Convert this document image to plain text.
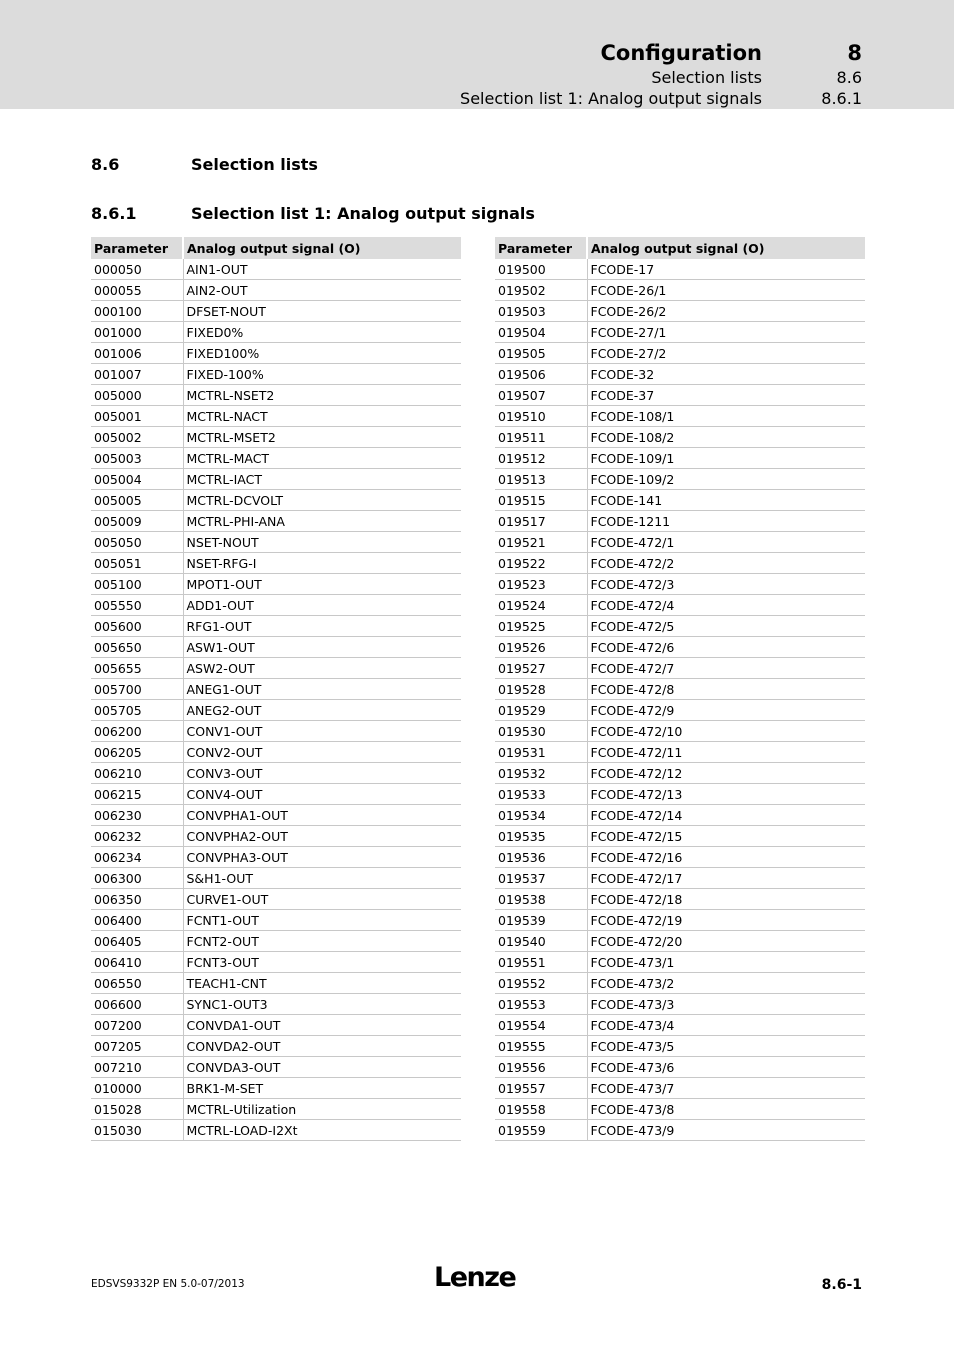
Configuration	8
Selection lists	8.6
Selection list 1: Analog output signals	8.6.1
8.6	Selection lists
8.6.1	Selection list 1: Analog output signals
Parameter	Analog output signal (O)
000050	AIN1-OUT
000055	AIN2-OUT
000100	DFSET-NOUT
001000	FIXED0%
001006	FIXED100%
001007	FIXED-100%
005000	MCTRL-NSET2
005001	MCTRL-NACT
005002	MCTRL-MSET2
005003	MCTRL-MACT
005004	MCTRL-IACT
005005	MCTRL-DCVOLT
005009	MCTRL-PHI-ANA
005050	NSET-NOUT
005051	NSET-RFG-I
005100	MPOT1-OUT
005550	ADD1-OUT
005600	RFG1-OUT
005650	ASW1-OUT
005655	ASW2-OUT
005700	ANEG1-OUT
005705	ANEG2-OUT
006200	CONV1-OUT
006205	CONV2-OUT
006210	CONV3-OUT
006215	CONV4-OUT
006230	CONVPHA1-OUT
006232	CONVPHA2-OUT
006234	CONVPHA3-OUT
006300	S&H1-OUT
006350	CURVE1-OUT
006400	FCNT1-OUT
006405	FCNT2-OUT
006410	FCNT3-OUT
006550	TEACH1-CNT
006600	SYNC1-OUT3
007200	CONVDA1-OUT
007205	CONVDA2-OUT
007210	CONVDA3-OUT
010000	BRK1-M-SET
015028	MCTRL-Utilization
015030	MCTRL-LOAD-I2Xt
Parameter	Analog output signal (O)
019500	FCODE-17
019502	FCODE-26/1
019503	FCODE-26/2
019504	FCODE-27/1
019505	FCODE-27/2
019506	FCODE-32
019507	FCODE-37
019510	FCODE-108/1
019511	FCODE-108/2
019512	FCODE-109/1
019513	FCODE-109/2
019515	FCODE-141
019517	FCODE-1211
019521	FCODE-472/1
019522	FCODE-472/2
019523	FCODE-472/3
019524	FCODE-472/4
019525	FCODE-472/5
019526	FCODE-472/6
019527	FCODE-472/7
019528	FCODE-472/8
019529	FCODE-472/9
019530	FCODE-472/10
019531	FCODE-472/11
019532	FCODE-472/12
019533	FCODE-472/13
019534	FCODE-472/14
019535	FCODE-472/15
019536	FCODE-472/16
019537	FCODE-472/17
019538	FCODE-472/18
019539	FCODE-472/19
019540	FCODE-472/20
019551	FCODE-473/1
019552	FCODE-473/2
019553	FCODE-473/3
019554	FCODE-473/4
019555	FCODE-473/5
019556	FCODE-473/6
019557	FCODE-473/7
019558	FCODE-473/8
019559	FCODE-473/9
EDSVS9332P EN 5.0-07/2013	Lenze	8.6-1
